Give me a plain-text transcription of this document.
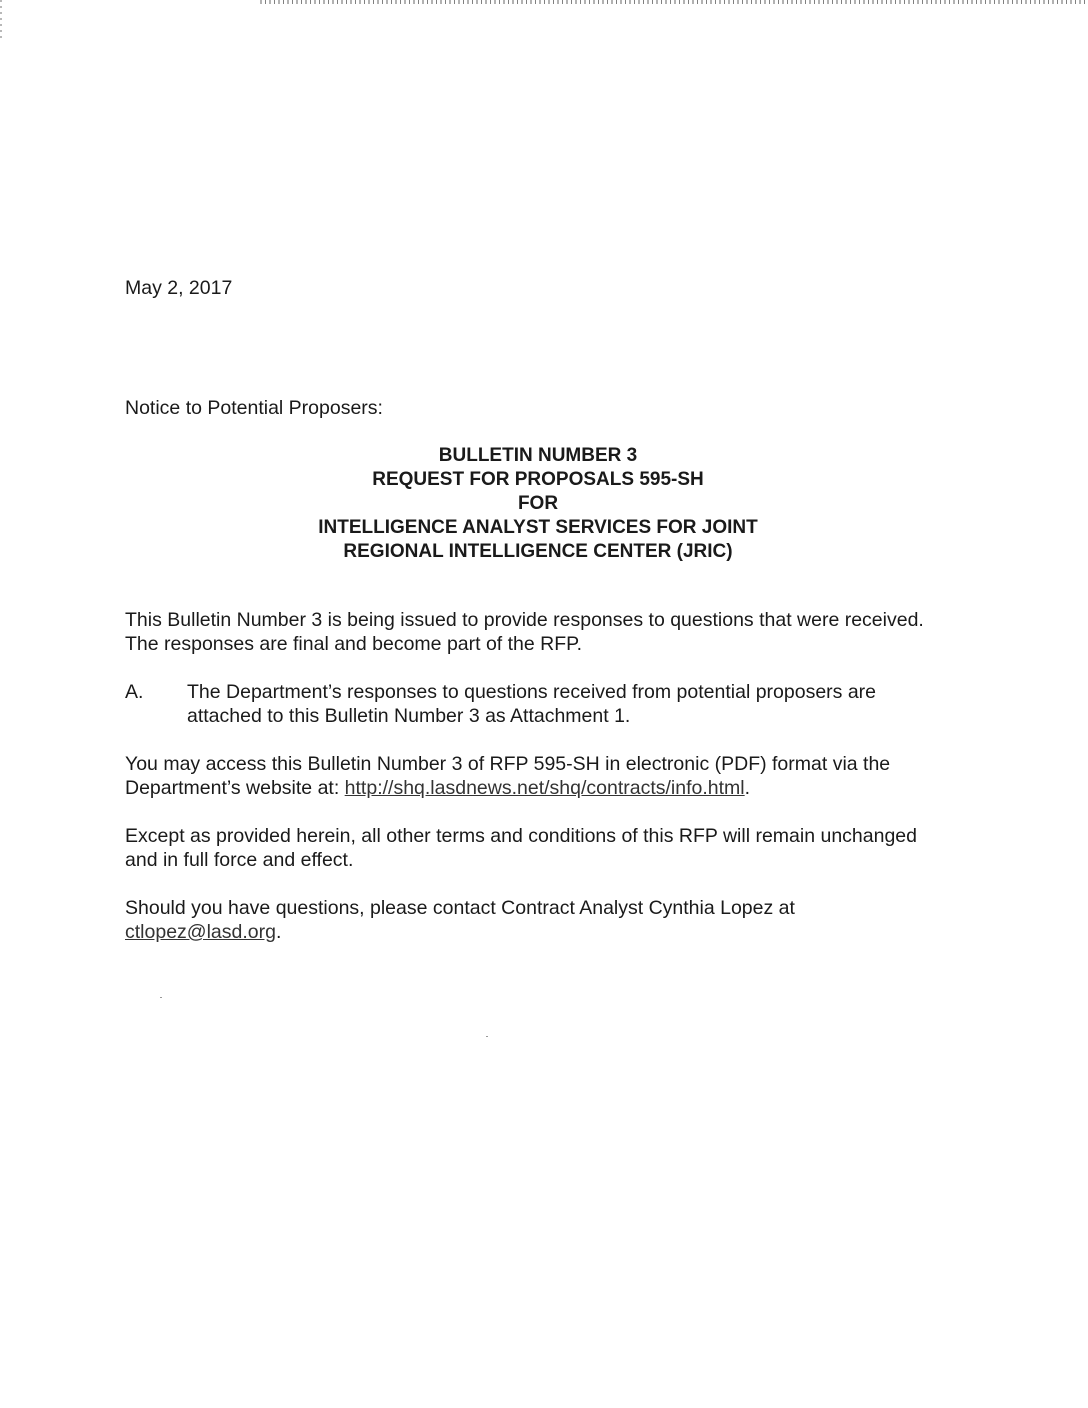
May 2, 2017

Notice to Potential Proposers:

BULLETIN NUMBER 3
REQUEST FOR PROPOSALS 595-SH
FOR
INTELLIGENCE ANALYST SERVICES FOR JOINT
REGIONAL INTELLIGENCE CENTER (JRIC)

This Bulletin Number 3 is being issued to provide responses to questions that were received. The responses are final and become part of the RFP.

A.	The Department’s responses to questions received from potential proposers are attached to this Bulletin Number 3 as Attachment 1.

You may access this Bulletin Number 3 of RFP 595-SH in electronic (PDF) format via the Department’s website at: http://shq.lasdnews.net/shq/contracts/info.html.

Except as provided herein, all other terms and conditions of this RFP will remain unchanged and in full force and effect.

Should you have questions, please contact Contract Analyst Cynthia Lopez at ctlopez@lasd.org.
